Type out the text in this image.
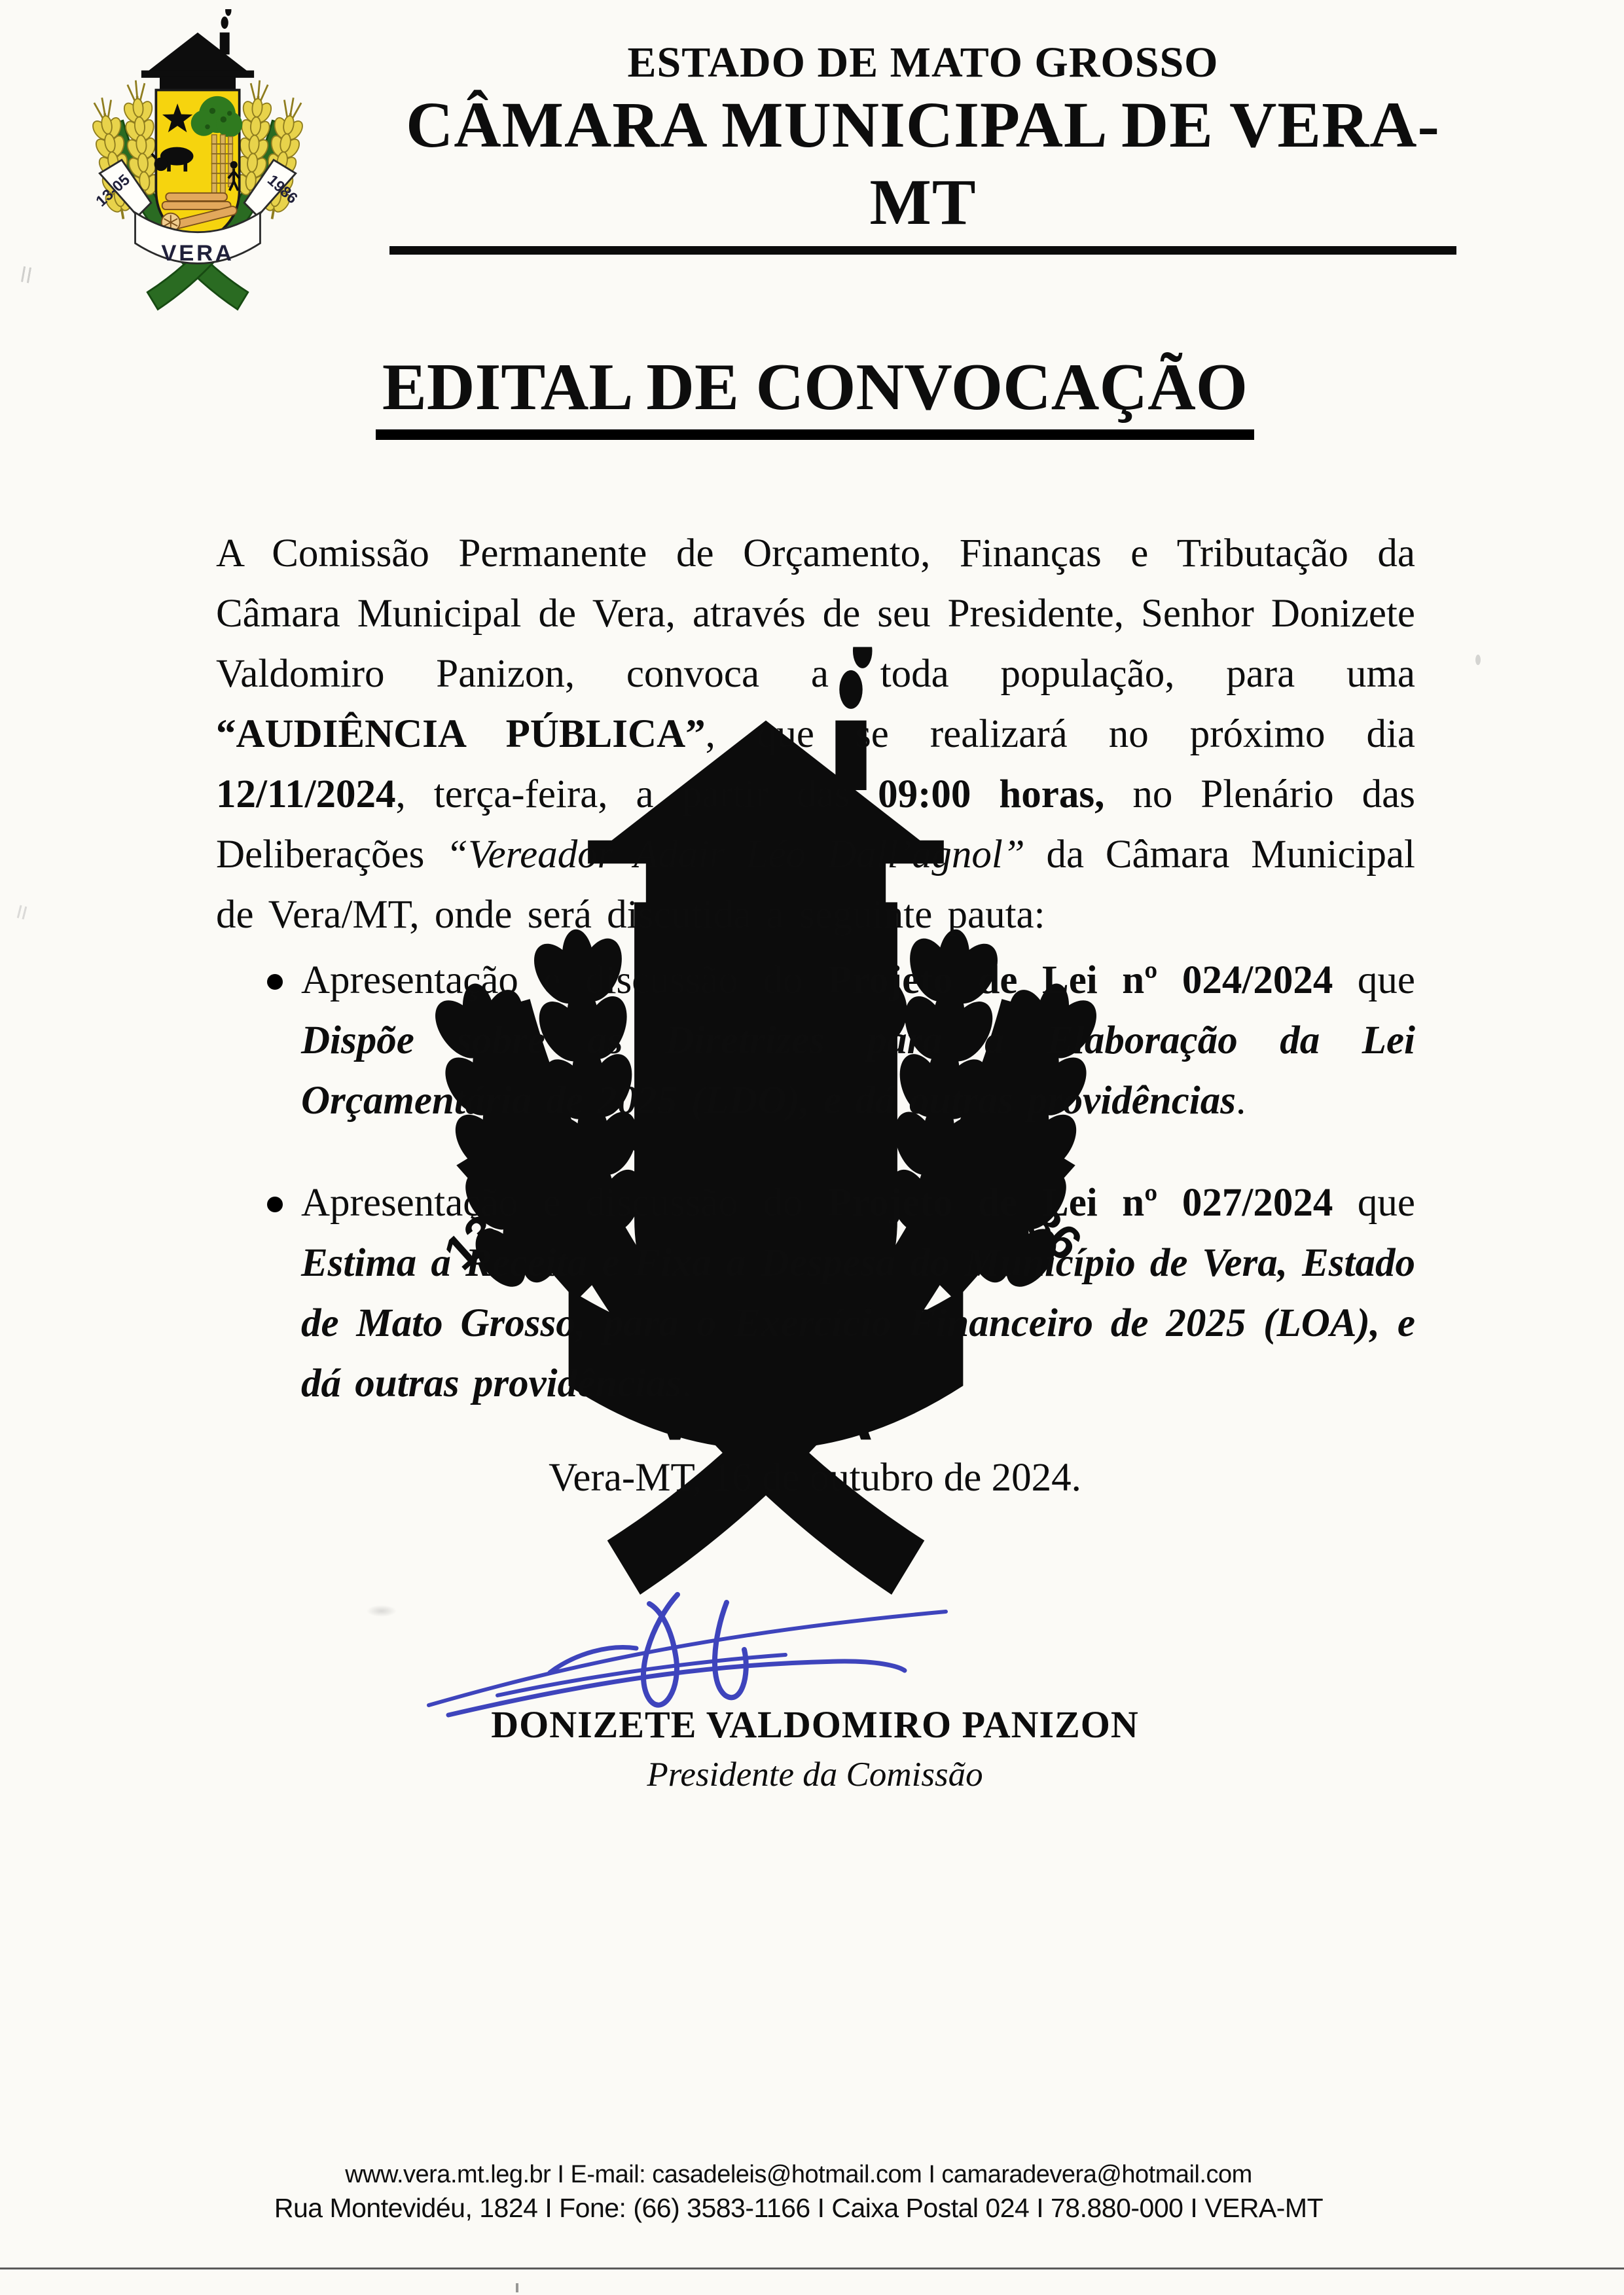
ESTADO DE MATO GROSSO
CÂMARA MUNICIPAL DE VERA-MT
EDITAL DE CONVOCAÇÃO

A Comissão Permanente de Orçamento, Finanças e Tributação da Câmara Municipal de Vera, através de seu Presidente, Senhor Donizete Valdomiro Panizon, convoca a toda população, para uma “AUDIÊNCIA PÚBLICA”, que se realizará no próximo dia 12/11/2024, terça-feira, a partir das 09:00 horas, no Plenário das Deliberações “Vereador Adair Léo Dall’agnol” da Câmara Municipal de Vera/MT, onde será discutida a seguinte pauta:

Apresentação e discussão do Projeto de Lei nº 024/2024 que Dispõe sobre as Diretrizes para a Elaboração da Lei Orçamentária de 2025 (LDO), e dá outras providências.
Apresentação e discussão do Projeto de Lei nº 027/2024 que Estima a Receita e Fixa a Despesa do Município de Vera, Estado de Mato Grosso, para o Exercício Financeiro de 2025 (LOA), e dá outras providências.
Vera-MT, 16 de outubro de 2024.
DONIZETE VALDOMIRO PANIZON
Presidente da Comissão
www.vera.mt.leg.br I E-mail: casadeleis@hotmail.com I camaradevera@hotmail.com
Rua Montevidéu, 1824 I Fone: (66) 3583-1166 I Caixa Postal 024 I 78.880-000 I VERA-MT
